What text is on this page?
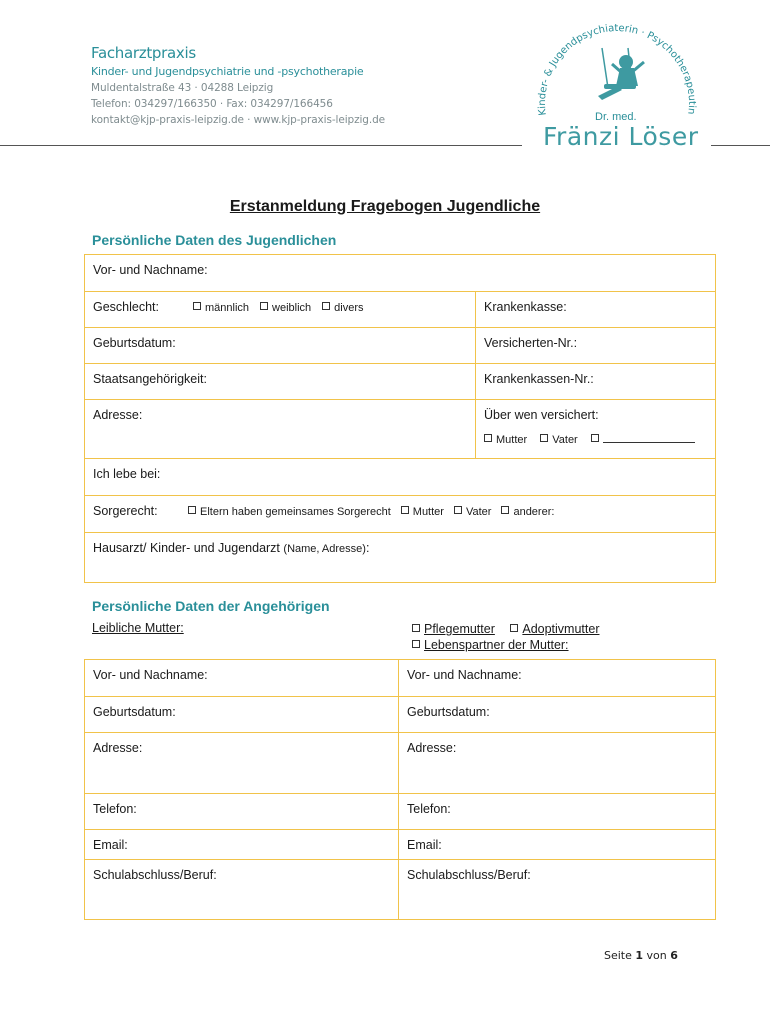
Facharztpraxis

Kinder- und Jugendpsychiatrie und -psychotherapie

Muldentalstraße 43 · 04288 Leipzig

Telefon: 034297/166350 · Fax: 034297/166456

kontakt@kjp-praxis-leipzig.de · www.kjp-praxis-leipzig.de

Kinder- & Jugendpsychiaterin · Psychotherapeutin
Dr. med.
Fränzi Löser
Erstanmeldung Fragebogen Jugendliche
Persönliche Daten des Jugendlichen
Vor- und Nachname:	

Geschlecht: männlich weiblich divers	Krankenkasse:
Geburtsdatum:	Versicherten-Nr.:
Staatsangehörigkeit:	Krankenkassen-Nr.:
Adresse:	Über wen versichert:
Mutter Vater

Ich lebe bei:	

Sorgerecht: Eltern haben gemeinsames Sorgerecht Mutter Vater anderer:	

Hausarzt/ Kinder- und Jugendarzt (Name, Adresse):	
Persönliche Daten der Angehörigen
Leibliche Mutter:	Pflegemutter Adoptivmutter
Lebenspartner der Mutter:
Vor- und Nachname:	Vor- und Nachname:
Geburtsdatum:	Geburtsdatum:
Adresse:	Adresse:
Telefon:	Telefon:
Email:	Email:
Schulabschluss/Beruf:	Schulabschluss/Beruf:
Seite 1 von 6
